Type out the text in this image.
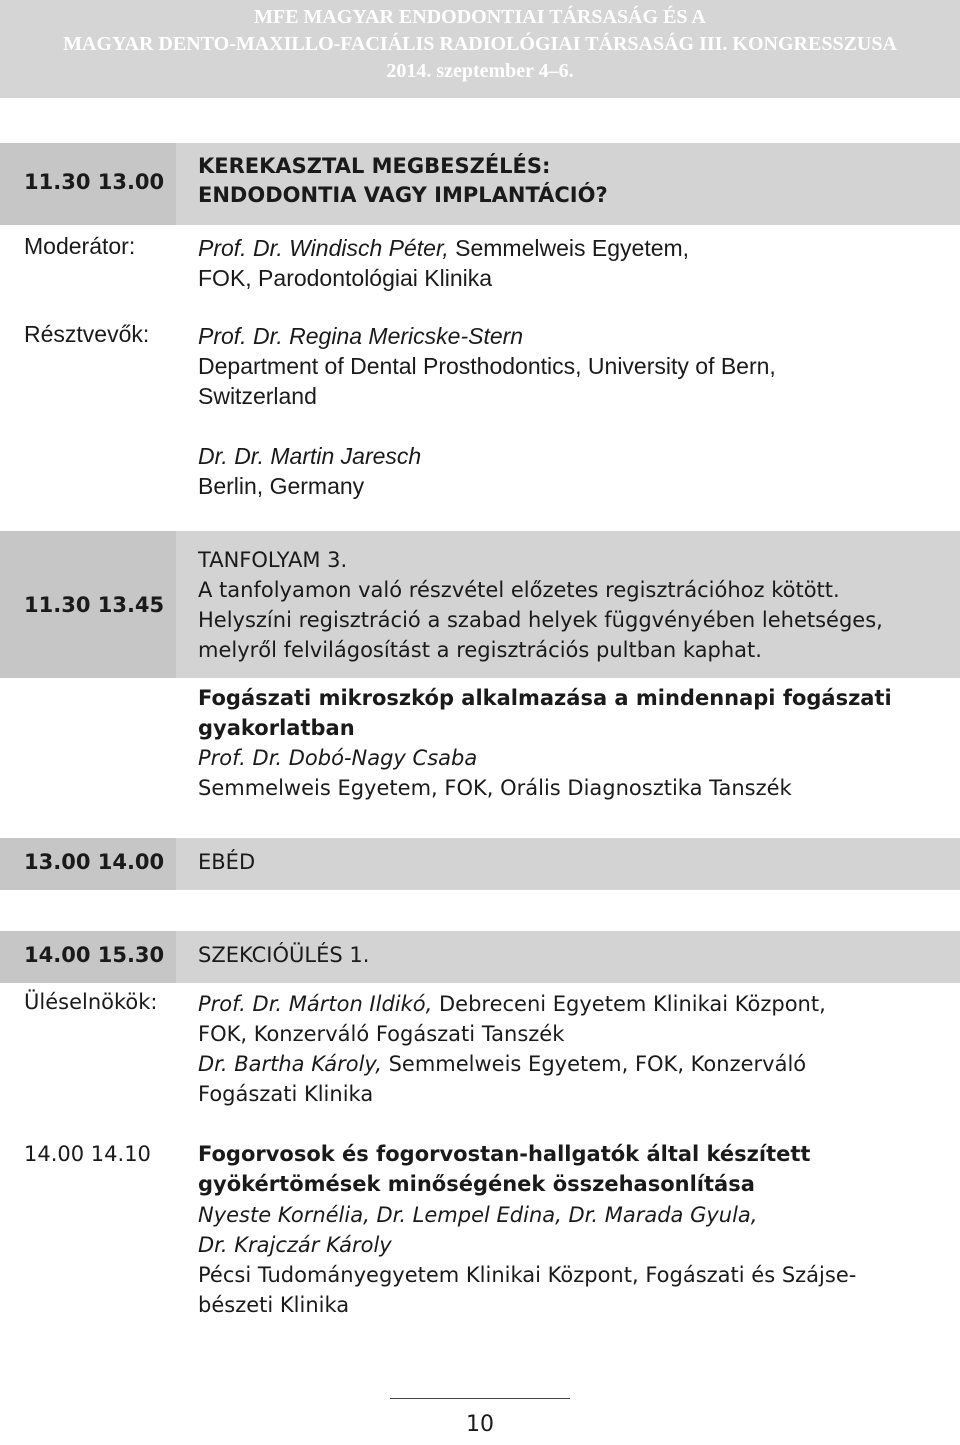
MFE MAGYAR ENDODONTIAI TÁRSASÁG ÉS A
MAGYAR DENTO-MAXILLO-FACIÁLIS RADIOLÓGIAI TÁRSASÁG III. KONGRESSZUSA
2014. szeptember 4–6.
11.30 13.00
KEREKASZTAL MEGBESZÉLÉS:
ENDODONTIA VAGY IMPLANTÁCIÓ?
Moderátor:	Prof. Dr. Windisch Péter, Semmelweis Egyetem,
FOK, Parodontológiai Klinika
Résztvevők: Prof. Dr. Regina Mericske-Stern
Department of Dental Prosthodontics, University of Bern,
Switzerland
Dr. Dr. Martin Jaresch
Berlin, Germany
11.30 13.45
TANFOLYAM 3.
A tanfolyamon való részvétel előzetes regisztrációhoz kötött.
Helyszíni regisztráció a szabad helyek függvényében lehetséges,
melyről felvilágosítást a regisztrációs pultban kaphat.
Fogászati mikroszkóp alkalmazása a mindennapi fogászati
gyakorlatban
Prof. Dr. Dobó-Nagy Csaba
Semmelweis Egyetem, FOK, Orális Diagnosztika Tanszék
13.00 14.00 EBÉD
14.00 15.30 SZEKCIÓÜLÉS 1.
Üléselnökök: Prof. Dr. Márton Ildikó, Debreceni Egyetem Klinikai Központ,
FOK, Konzerváló Fogászati Tanszék
Dr. Bartha Károly, Semmelweis Egyetem, FOK, Konzerváló
Fogászati Klinika
14.00 14.10 Fogorvosok és fogorvostan-hallgatók által készített
gyökértömések minőségének összehasonlítása
Nyeste Kornélia, Dr. Lempel Edina, Dr. Marada Gyula,
Dr. Krajczár Károly
Pécsi Tudományegyetem Klinikai Központ, Fogászati és Szájse-
bészeti Klinika
10
